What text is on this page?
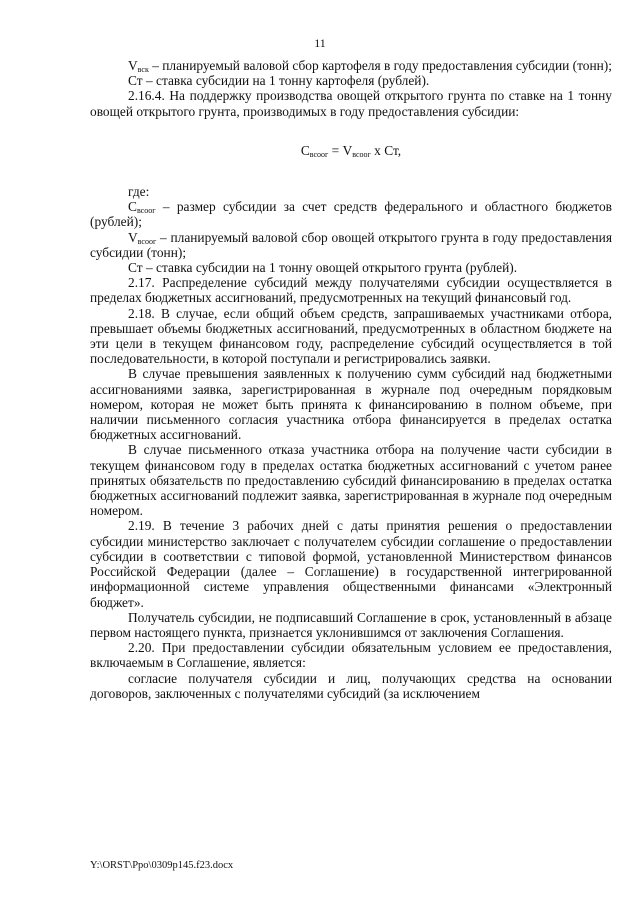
11

$V_{вск}$ – планируемый валовой сбор картофеля в году предоставления субсидии (тонн);

Ст – ставка субсидии на 1 тонну картофеля (рублей).

2.16.4. На поддержку производства овощей открытого грунта по ставке на 1 тонну овощей открытого грунта, производимых в году предоставления субсидии:

$С_{всоог} = V_{всоог}$ х Ст,

где:

$С_{всоог}$ – размер субсидии за счет средств федерального и областного бюджетов (рублей);

$V_{всоог}$ – планируемый валовой сбор овощей открытого грунта в году предоставления субсидии (тонн);

Ст – ставка субсидии на 1 тонну овощей открытого грунта (рублей).

2.17. Распределение субсидий между получателями субсидии осуществляется в пределах бюджетных ассигнований, предусмотренных на текущий финансовый год.

2.18. В случае, если общий объем средств, запрашиваемых участниками отбора, превышает объемы бюджетных ассигнований, предусмотренных в областном бюджете на эти цели в текущем финансовом году, распределение субсидий осуществляется в той последовательности, в которой поступали и регистрировались заявки.

В случае превышения заявленных к получению сумм субсидий над бюджетными ассигнованиями заявка, зарегистрированная в журнале под очередным порядковым номером, которая не может быть принята к финансированию в полном объеме, при наличии письменного согласия участника отбора финансируется в пределах остатка бюджетных ассигнований.

В случае письменного отказа участника отбора на получение части субсидии в текущем финансовом году в пределах остатка бюджетных ассигнований с учетом ранее принятых обязательств по предоставлению субсидий финансированию в пределах остатка бюджетных ассигнований подлежит заявка, зарегистрированная в журнале под очередным номером.

2.19. В течение 3 рабочих дней с даты принятия решения о предоставлении субсидии министерство заключает с получателем субсидии соглашение о предоставлении субсидии в соответствии с типовой формой, установленной Министерством финансов Российской Федерации (далее – Соглашение) в государственной интегрированной информационной системе управления общественными финансами «Электронный бюджет».

Получатель субсидии, не подписавший Соглашение в срок, установленный в абзаце первом настоящего пункта, признается уклонившимся от заключения Соглашения.

2.20. При предоставлении субсидии обязательным условием ее предоставления, включаемым в Соглашение, является:

согласие получателя субсидии и лиц, получающих средства на основании договоров, заключенных с получателями субсидий (за исключением

Y:\ORST\Ppo\0309p145.f23.docx
